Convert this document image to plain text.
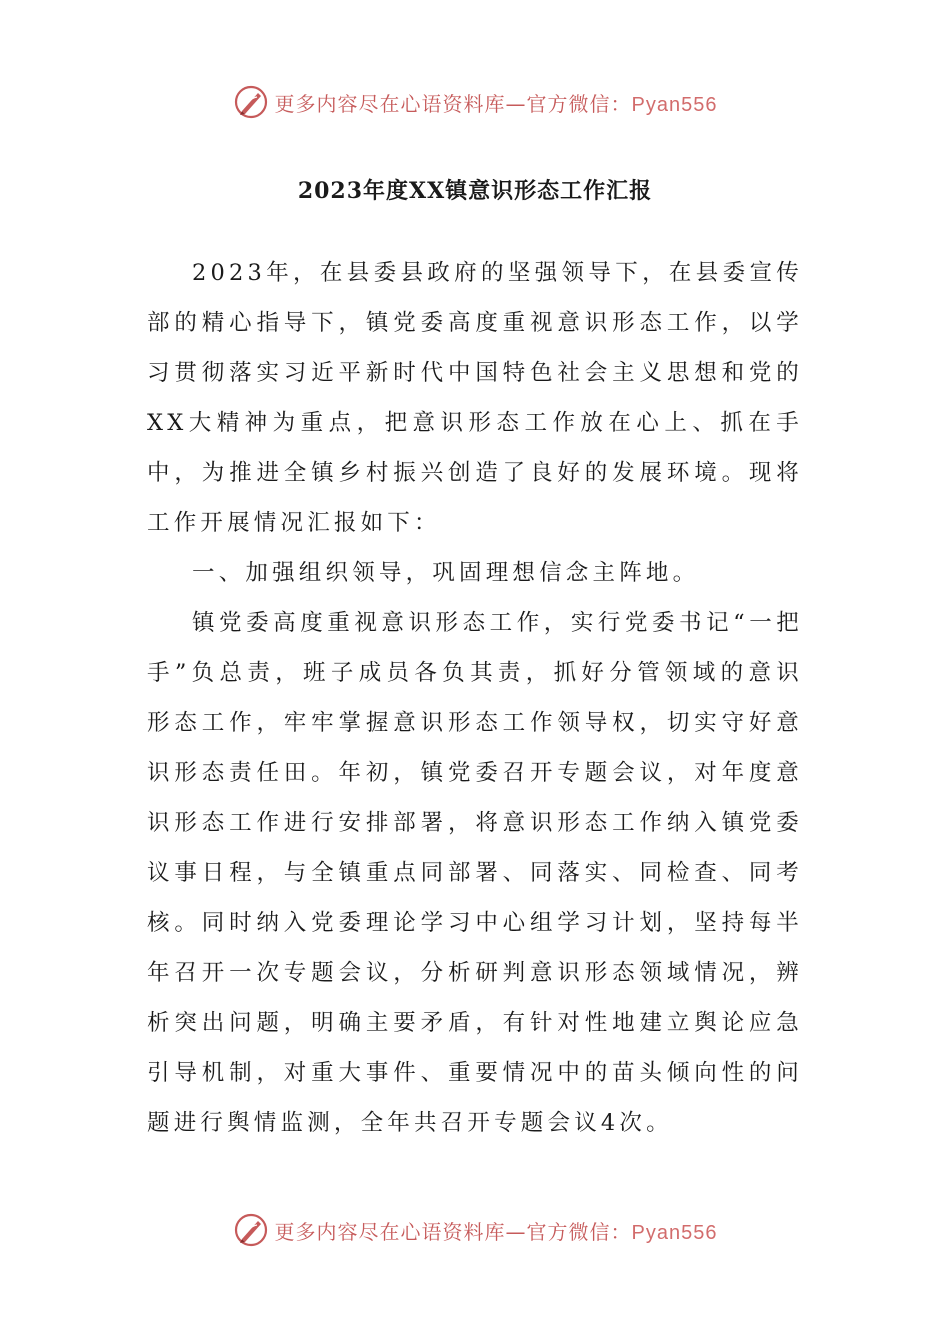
更多内容尽在心语资料库—官方微信：Pyan556
2023年度XX镇意识形态工作汇报

2023年，在县委县政府的坚强领导下，在县委宣传部的精心指导下，镇党委高度重视意识形态工作，以学习贯彻落实习近平新时代中国特色社会主义思想和党的XX大精神为重点，把意识形态工作放在心上、抓在手中，为推进全镇乡村振兴创造了良好的发展环境。现将工作开展情况汇报如下：

一、加强组织领导，巩固理想信念主阵地。

镇党委高度重视意识形态工作，实行党委书记“一把手”负总责，班子成员各负其责，抓好分管领域的意识形态工作，牢牢掌握意识形态工作领导权，切实守好意识形态责任田。年初，镇党委召开专题会议，对年度意识形态工作进行安排部署，将意识形态工作纳入镇党委议事日程，与全镇重点同部署、同落实、同检查、同考核。同时纳入党委理论学习中心组学习计划，坚持每半年召开一次专题会议，分析研判意识形态领域情况，辨析突出问题，明确主要矛盾，有针对性地建立舆论应急引导机制，对重大事件、重要情况中的苗头倾向性的问题进行舆情监测，全年共召开专题会议4次。

更多内容尽在心语资料库—官方微信：Pyan556
